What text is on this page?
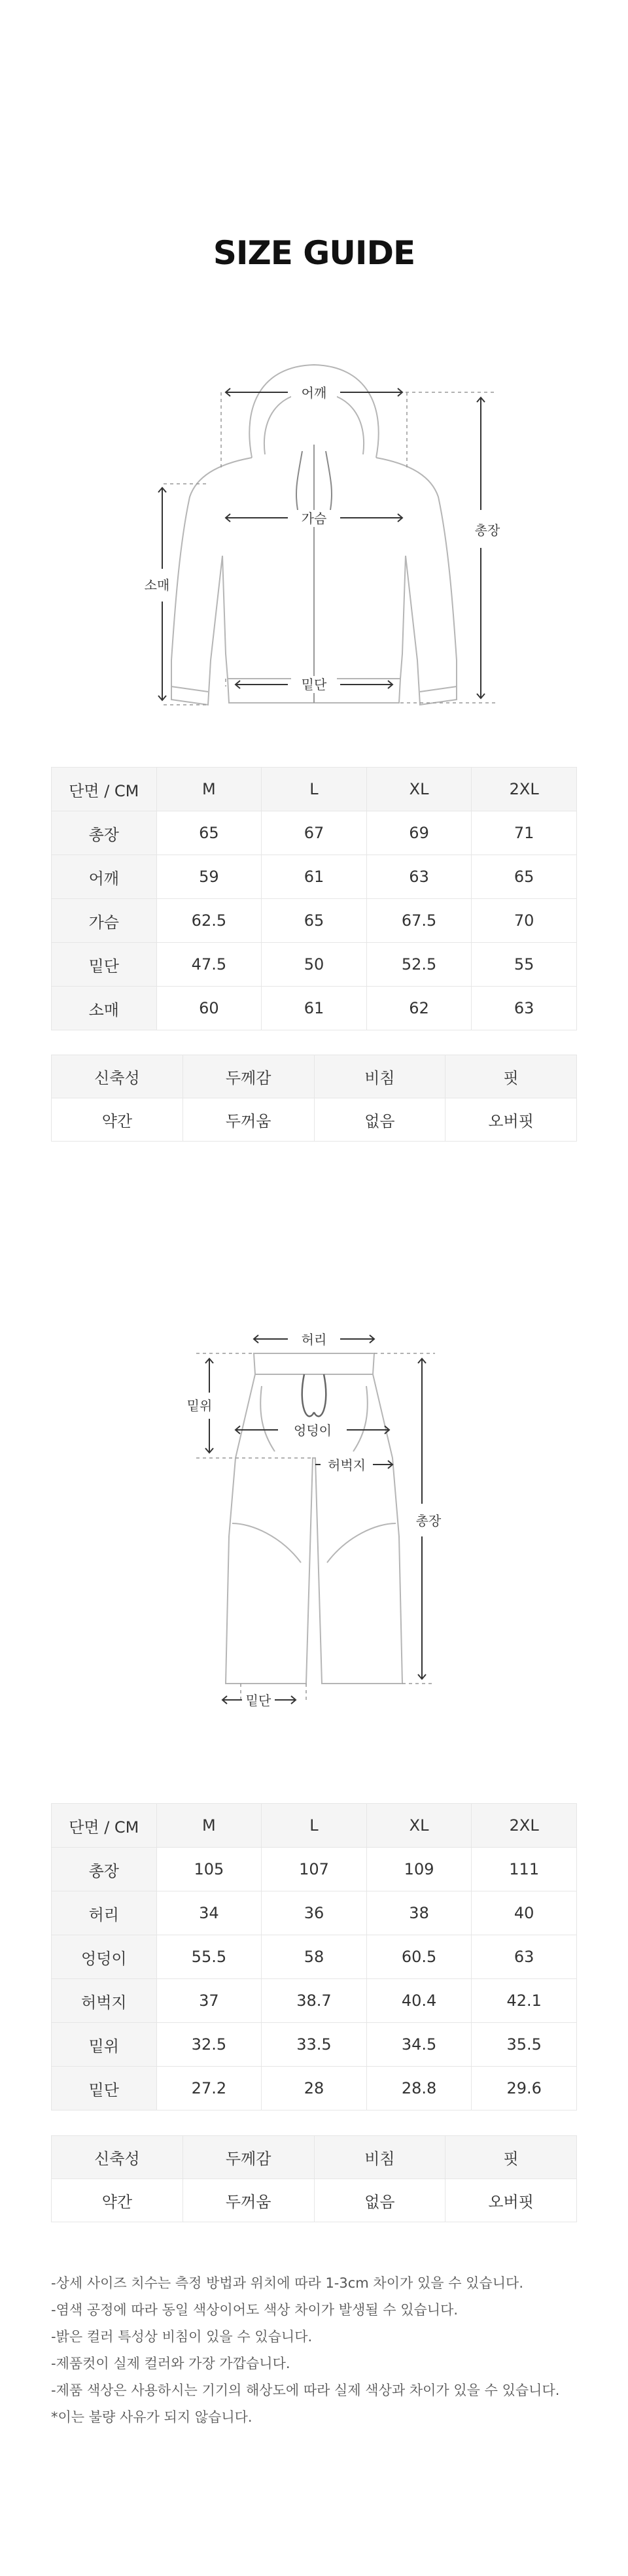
SIZE GUIDE
어깨
가슴
총장
소매
밑단
단면 / CM	M	L	XL	2XL
총장	65	67	69	71
어깨	59	61	63	65
가슴	62.5	65	67.5	70
밑단	47.5	50	52.5	55
소매	60	61	62	63
신축성	두께감	비침	핏
약간	두꺼움	없음	오버핏
허리
밑위
엉덩이
허벅지
총장
밑단
단면 / CM	M	L	XL	2XL
총장	105	107	109	111
허리	34	36	38	40
엉덩이	55.5	58	60.5	63
허벅지	37	38.7	40.4	42.1
밑위	32.5	33.5	34.5	35.5
밑단	27.2	28	28.8	29.6
신축성	두께감	비침	핏
약간	두꺼움	없음	오버핏
-상세 사이즈 치수는 측정 방법과 위치에 따라 1-3cm 차이가 있을 수 있습니다.
-염색 공정에 따라 동일 색상이어도 색상 차이가 발생될 수 있습니다.
-밝은 컬러 특성상 비침이 있을 수 있습니다.
-제품컷이 실제 컬러와 가장 가깝습니다.
-제품 색상은 사용하시는 기기의 해상도에 따라 실제 색상과 차이가 있을 수 있습니다.
*이는 불량 사유가 되지 않습니다.
